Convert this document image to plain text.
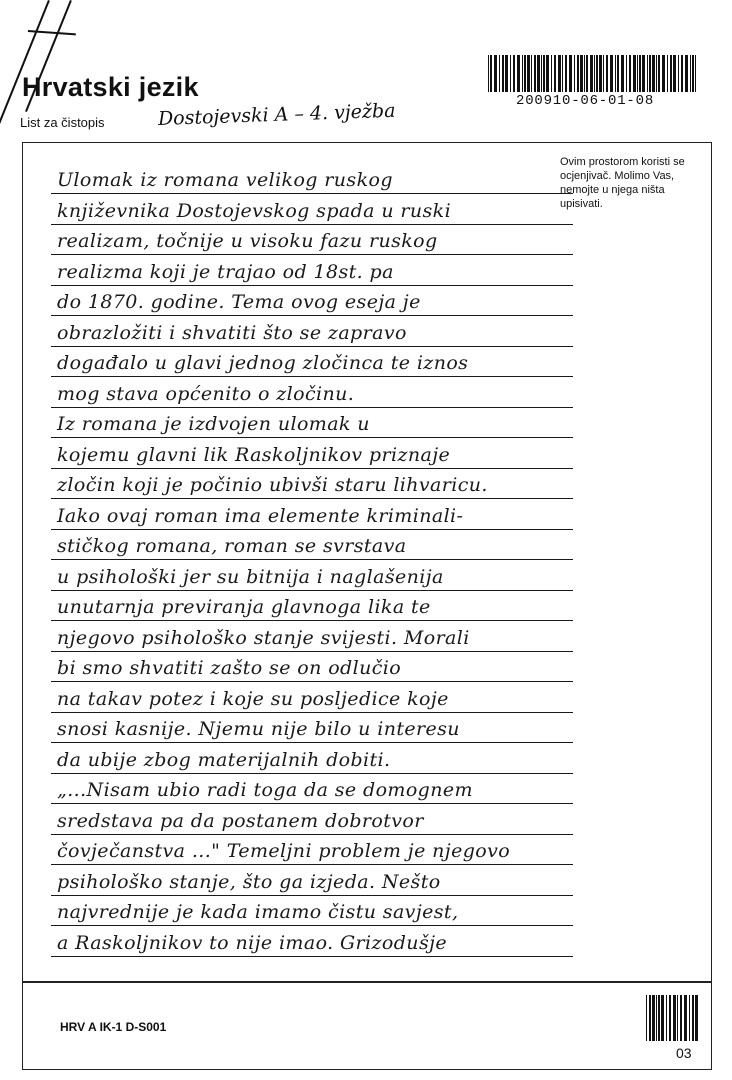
Hrvatski jezik
List za čistopis	Dostojevski A – 4. vježba	200910-06-01-08
Ulomak iz romana velikog ruskog
književnika Dostojevskog spada u ruski
realizam, točnije u visoku fazu ruskog
realizma koji je trajao od 18st. pa
do 1870. godine. Tema ovog eseja je
obrazložiti i shvatiti što se zapravo
događalo u glavi jednog zločinca te iznos
mog stava općenito o zločinu.
Iz romana je izdvojen ulomak u
kojemu glavni lik Raskoljnikov priznaje
zločin koji je počinio ubivši staru lihvaricu.
Iako ovaj roman ima elemente kriminali-
stičkog romana, roman se svrstava
u psihološki jer su bitnija i naglašenija
unutarnja previranja glavnoga lika te
njegovo psihološko stanje svijesti. Morali
bi smo shvatiti zašto se on odlučio
na takav potez i koje su posljedice koje
snosi kasnije. Njemu nije bilo u interesu
da ubije zbog materijalnih dobiti.
„...Nisam ubio radi toga da se domognem
sredstava pa da postanem dobrotvor
čovječanstva ..." Temeljni problem je njegovo
psihološko stanje, što ga izjeda. Nešto
najvrednije je kada imamo čistu savjest,
a Raskoljnikov to nije imao. Grizodušje
Ovim prostorom koristi se ocjenjivač. Molimo Vas, nemojte u njega ništa upisivati.
HRV A IK-1 D-S001
03
